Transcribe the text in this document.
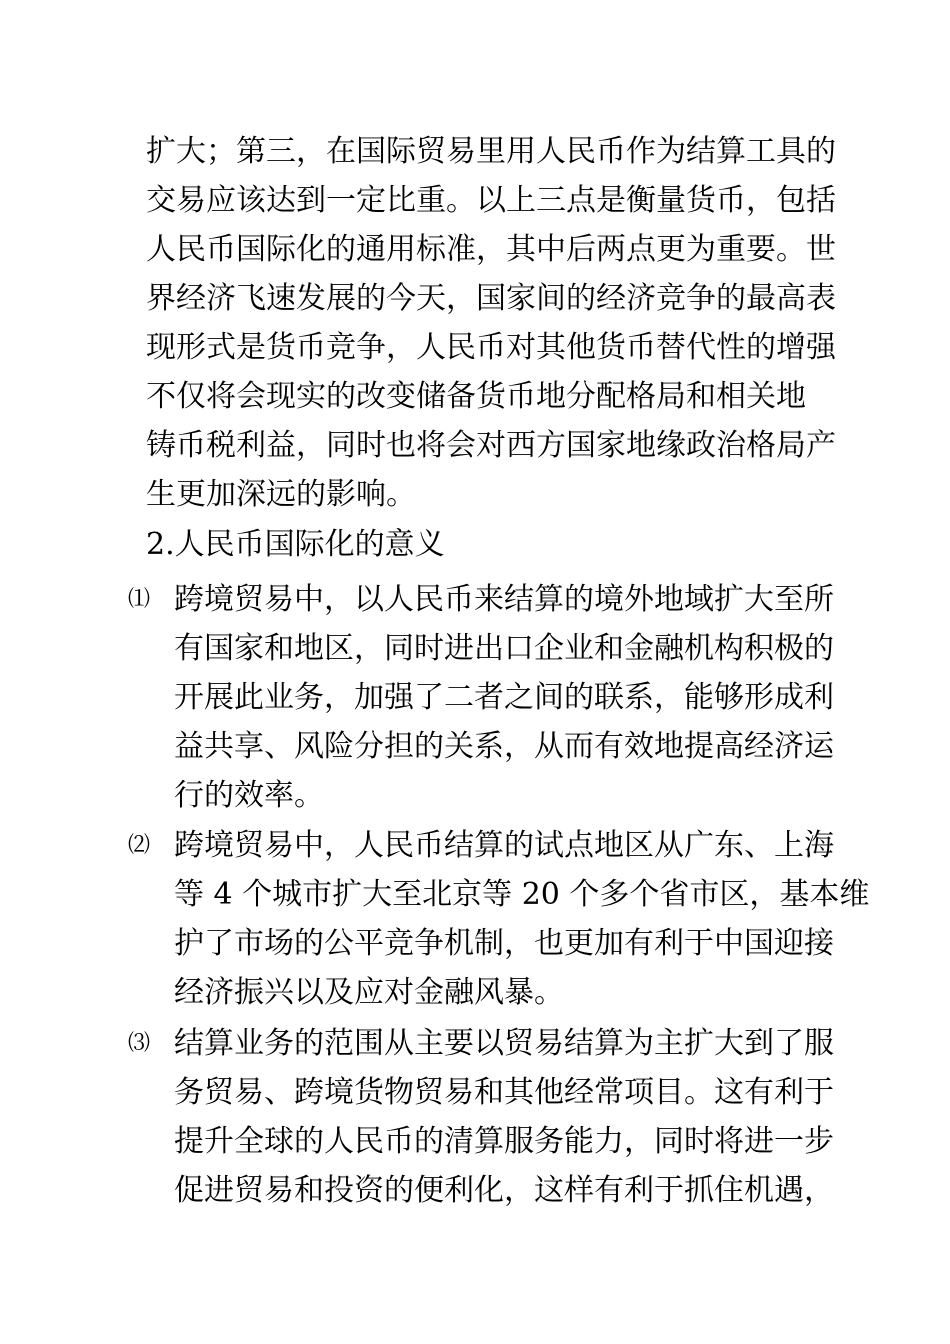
扩大；第三，在国际贸易里用人民币作为结算工具的
交易应该达到一定比重。以上三点是衡量货币，包括
人民币国际化的通用标准，其中后两点更为重要。世
界经济飞速发展的今天，国家间的经济竞争的最高表
现形式是货币竞争，人民币对其他货币替代性的增强
不仅将会现实的改变储备货币地分配格局和相关地
铸币税利益，同时也将会对西方国家地缘政治格局产
生更加深远的影响。
2.人民币国际化的意义
⑴ 跨境贸易中，以人民币来结算的境外地域扩大至所
有国家和地区，同时进出口企业和金融机构积极的
开展此业务，加强了二者之间的联系，能够形成利
益共享、风险分担的关系，从而有效地提高经济运
行的效率。
⑵ 跨境贸易中，人民币结算的试点地区从广东、上海
等 4 个城市扩大至北京等 20 个多个省市区，基本维
护了市场的公平竞争机制，也更加有利于中国迎接
经济振兴以及应对金融风暴。
⑶ 结算业务的范围从主要以贸易结算为主扩大到了服
务贸易、跨境货物贸易和其他经常项目。这有利于
提升全球的人民币的清算服务能力，同时将进一步
促进贸易和投资的便利化，这样有利于抓住机遇，
